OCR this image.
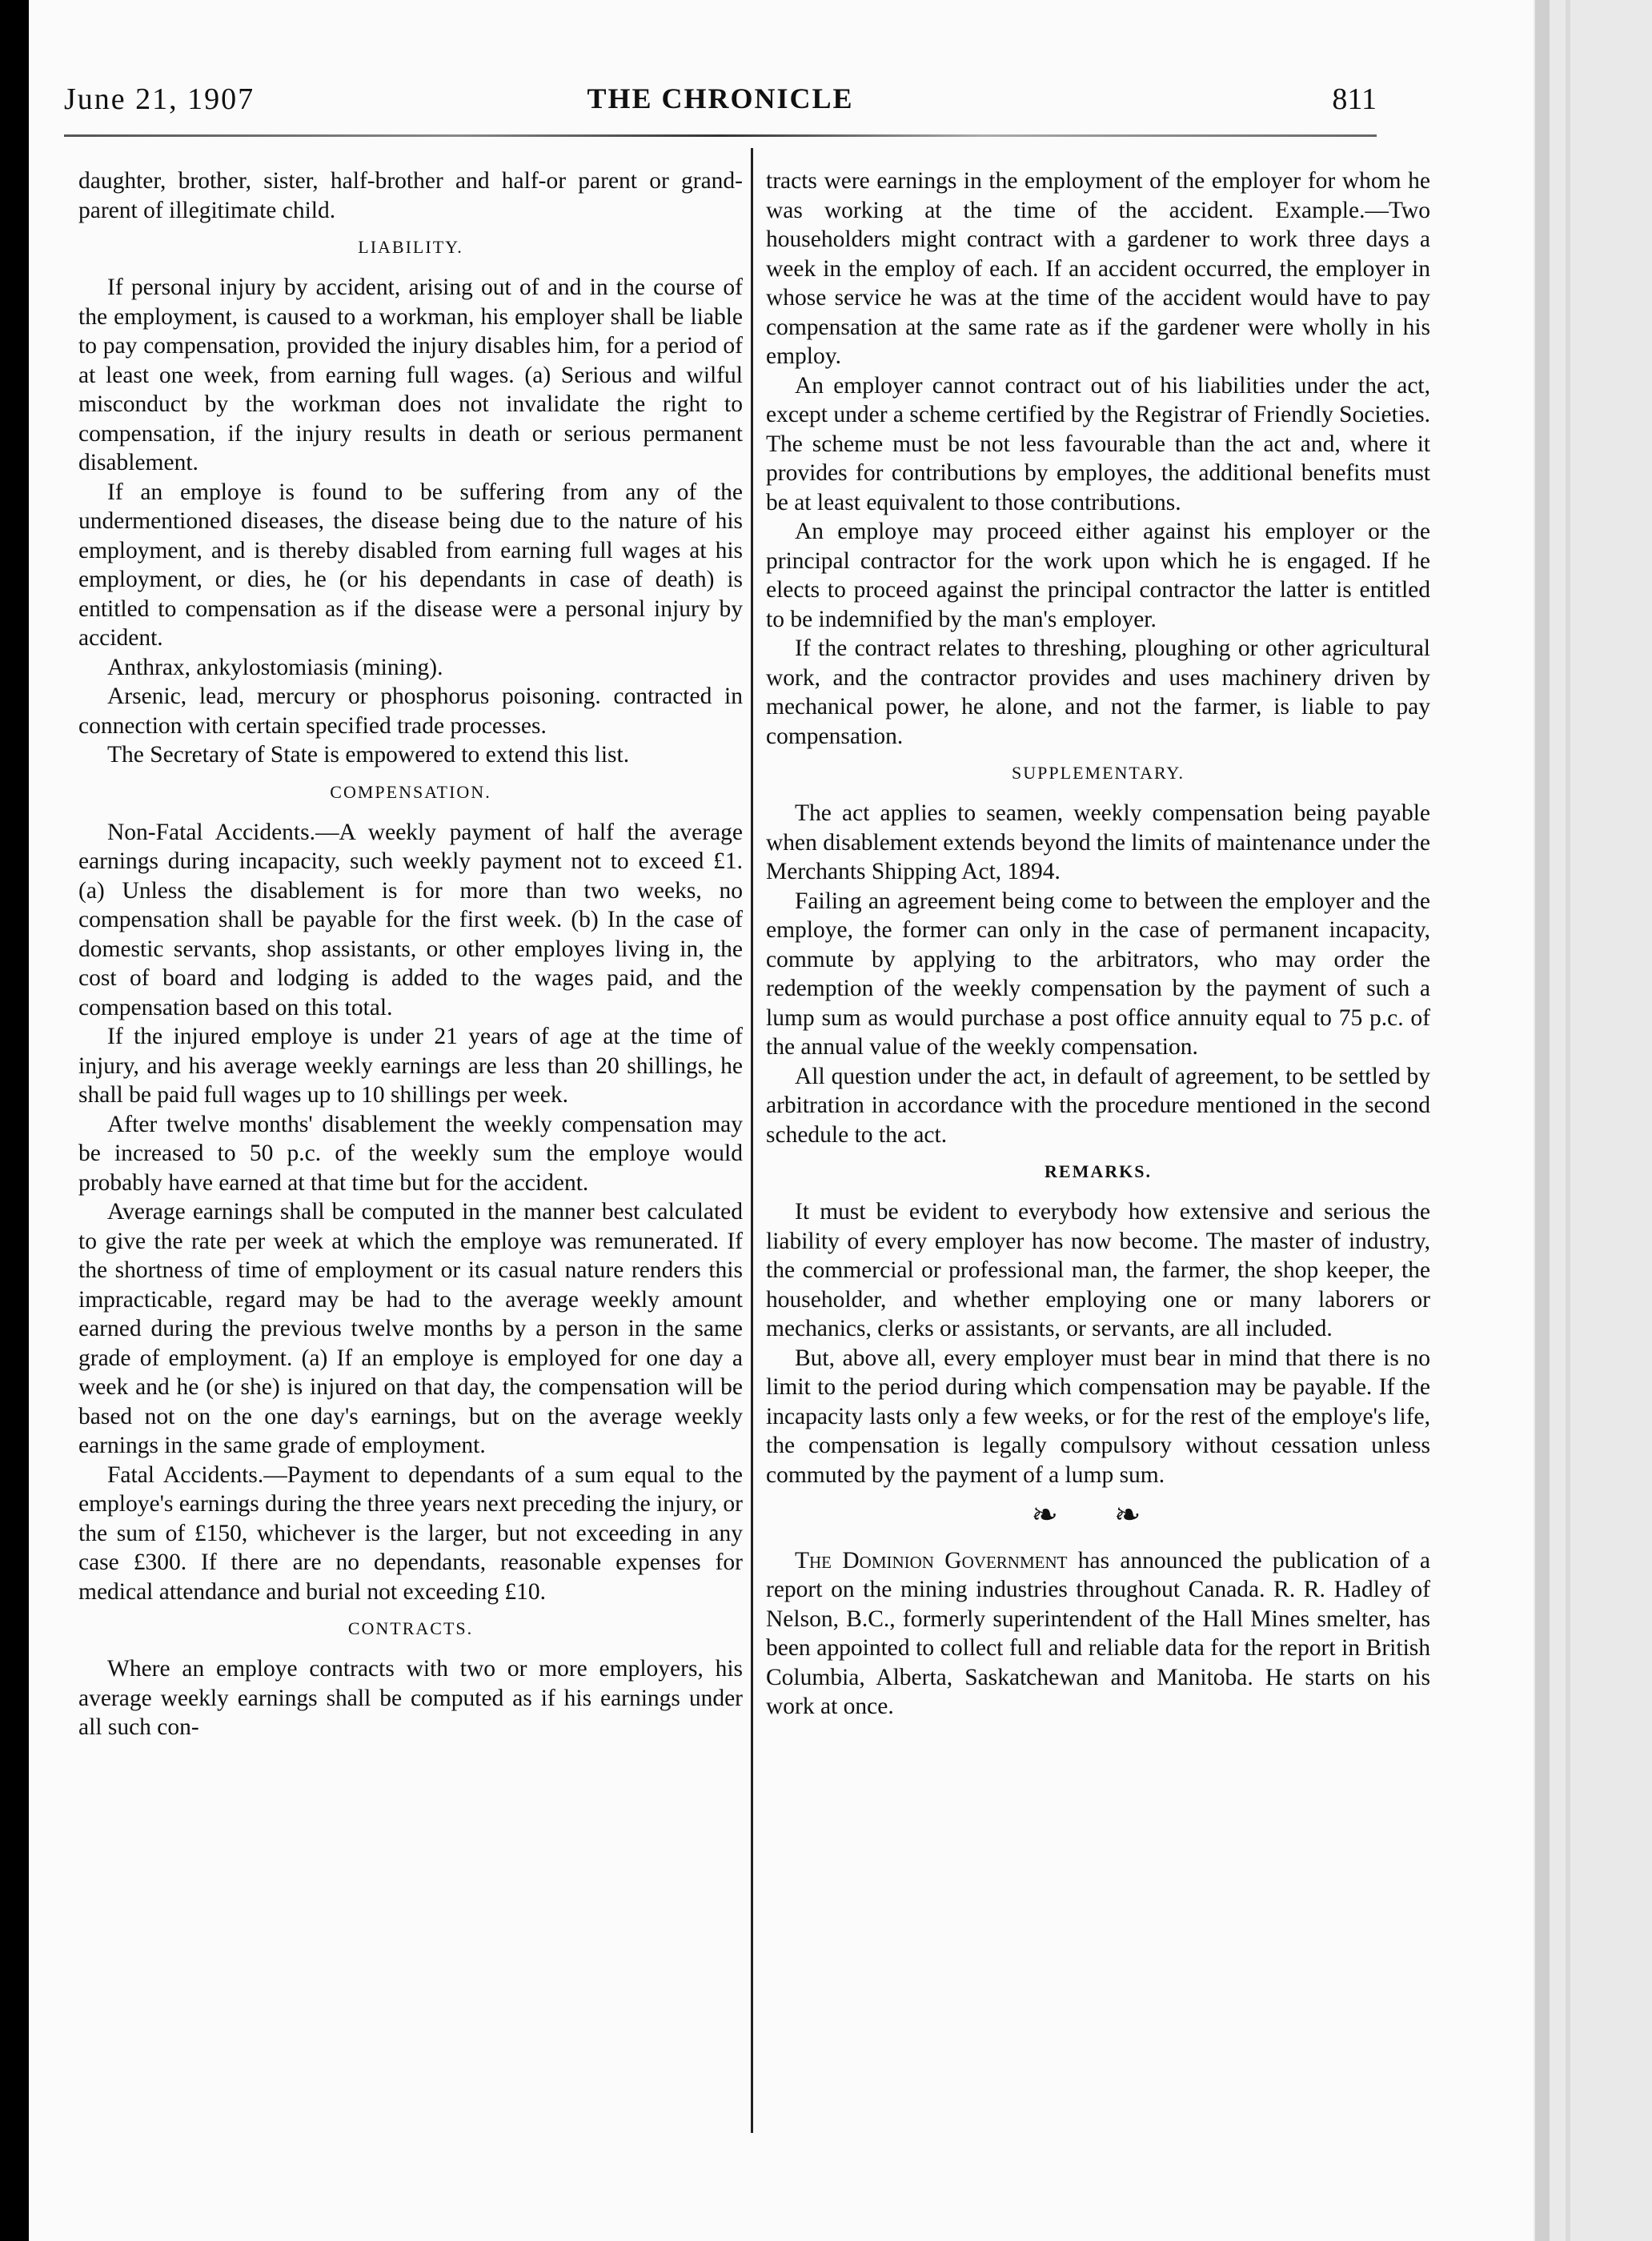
June 21, 1907	THE CHRONICLE	811

daughter, brother, sister, half-brother and half-or parent or grand-parent of illegitimate child.

LIABILITY.

If personal injury by accident, arising out of and in the course of the employment, is caused to a workman, his employer shall be liable to pay compensation, provided the injury disables him, for a period of at least one week, from earning full wages. (a) Serious and wilful misconduct by the workman does not invalidate the right to compensation, if the injury results in death or serious permanent disablement.

If an employe is found to be suffering from any of the undermentioned diseases, the disease being due to the nature of his employment, and is thereby disabled from earning full wages at his employment, or dies, he (or his dependants in case of death) is entitled to compensation as if the disease were a personal injury by accident.

Anthrax, ankylostomiasis (mining).

Arsenic, lead, mercury or phosphorus poisoning. contracted in connection with certain specified trade processes.

The Secretary of State is empowered to extend this list.

COMPENSATION.

Non-Fatal Accidents.—A weekly payment of half the average earnings during incapacity, such weekly payment not to exceed £1. (a) Unless the disablement is for more than two weeks, no compensation shall be payable for the first week. (b) In the case of domestic servants, shop assistants, or other employes living in, the cost of board and lodging is added to the wages paid, and the compensation based on this total.

If the injured employe is under 21 years of age at the time of injury, and his average weekly earnings are less than 20 shillings, he shall be paid full wages up to 10 shillings per week.

After twelve months' disablement the weekly compensation may be increased to 50 p.c. of the weekly sum the employe would probably have earned at that time but for the accident.

Average earnings shall be computed in the manner best calculated to give the rate per week at which the employe was remunerated. If the shortness of time of employment or its casual nature renders this impracticable, regard may be had to the average weekly amount earned during the previous twelve months by a person in the same grade of employment. (a) If an employe is employed for one day a week and he (or she) is injured on that day, the compensation will be based not on the one day's earnings, but on the average weekly earnings in the same grade of employment.

Fatal Accidents.—Payment to dependants of a sum equal to the employe's earnings during the three years next preceding the injury, or the sum of £150, whichever is the larger, but not exceeding in any case £300. If there are no dependants, reasonable expenses for medical attendance and burial not exceeding £10.

CONTRACTS.

Where an employe contracts with two or more employers, his average weekly earnings shall be computed as if his earnings under all such con-

tracts were earnings in the employment of the employer for whom he was working at the time of the accident. Example.—Two householders might contract with a gardener to work three days a week in the employ of each. If an accident occurred, the employer in whose service he was at the time of the accident would have to pay compensation at the same rate as if the gardener were wholly in his employ.

An employer cannot contract out of his liabilities under the act, except under a scheme certified by the Registrar of Friendly Societies. The scheme must be not less favourable than the act and, where it provides for contributions by employes, the additional benefits must be at least equivalent to those contributions.

An employe may proceed either against his employer or the principal contractor for the work upon which he is engaged. If he elects to proceed against the principal contractor the latter is entitled to be indemnified by the man's employer.

If the contract relates to threshing, ploughing or other agricultural work, and the contractor provides and uses machinery driven by mechanical power, he alone, and not the farmer, is liable to pay compensation.

SUPPLEMENTARY.

The act applies to seamen, weekly compensation being payable when disablement extends beyond the limits of maintenance under the Merchants Shipping Act, 1894.

Failing an agreement being come to between the employer and the employe, the former can only in the case of permanent incapacity, commute by applying to the arbitrators, who may order the redemption of the weekly compensation by the payment of such a lump sum as would purchase a post office annuity equal to 75 p.c. of the annual value of the weekly compensation.

All question under the act, in default of agreement, to be settled by arbitration in accordance with the procedure mentioned in the second schedule to the act.

REMARKS.

It must be evident to everybody how extensive and serious the liability of every employer has now become. The master of industry, the commercial or professional man, the farmer, the shop keeper, the householder, and whether employing one or many laborers or mechanics, clerks or assistants, or servants, are all included.

But, above all, every employer must bear in mind that there is no limit to the period during which compensation may be payable. If the incapacity lasts only a few weeks, or for the rest of the employe's life, the compensation is legally compulsory without cessation unless commuted by the payment of a lump sum.

❧ ❧

The Dominion Government has announced the publication of a report on the mining industries throughout Canada. R. R. Hadley of Nelson, B.C., formerly superintendent of the Hall Mines smelter, has been appointed to collect full and reliable data for the report in British Columbia, Alberta, Saskatchewan and Manitoba. He starts on his work at once.
